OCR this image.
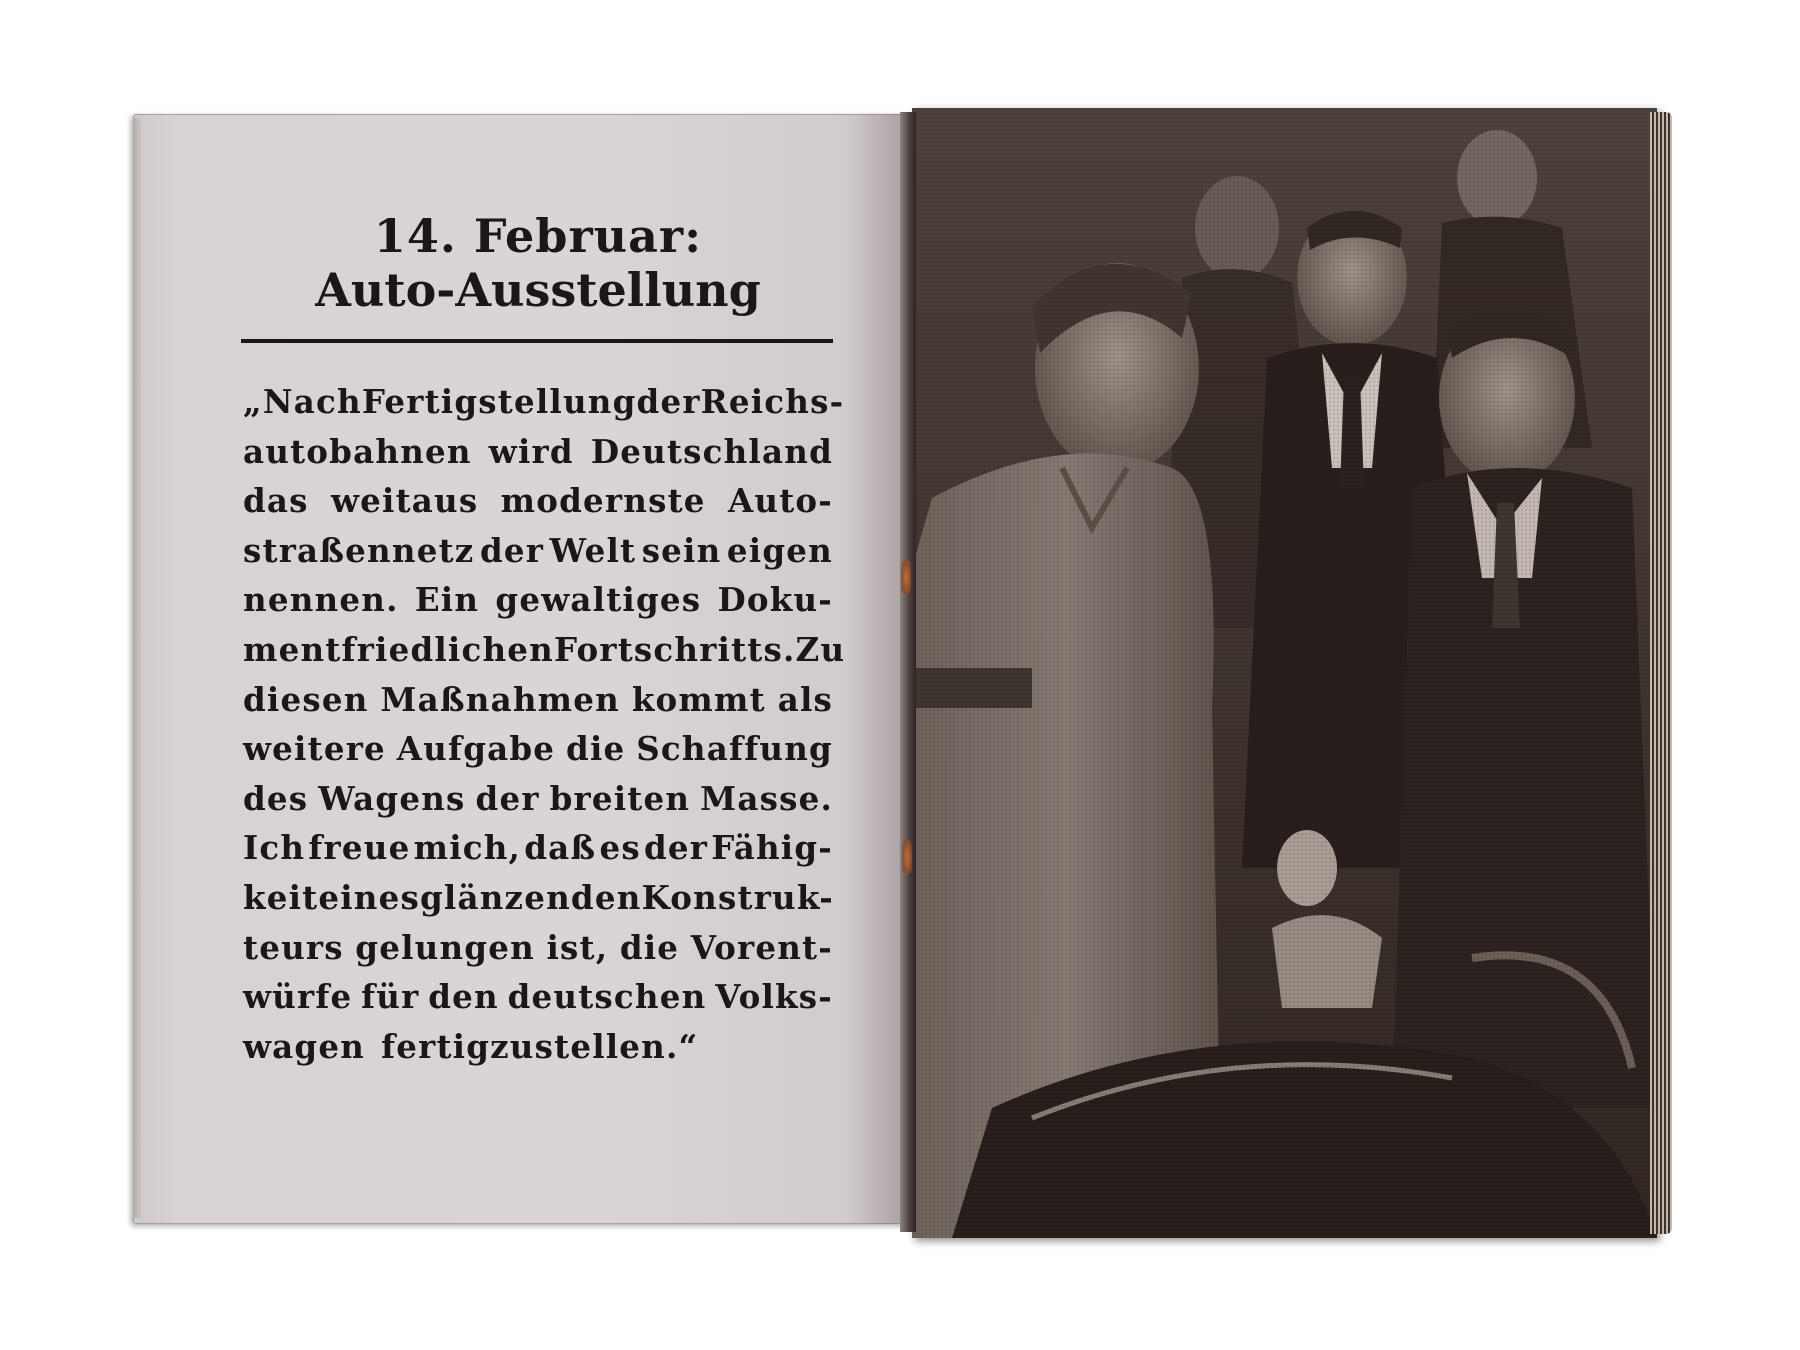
14. Februar:
Auto-Ausstellung
„Nach Fertigstellung der Reichs-
autobahnen wird Deutschland
das weitaus modernste Auto-
straßennetz der Welt sein eigen
nennen. Ein gewaltiges Doku-
ment friedlichen Fortschritts. Zu
diesen Maßnahmen kommt als
weitere Aufgabe die Schaffung
des Wagens der breiten Masse.
Ich freue mich, daß es der Fähig-
keit eines glänzenden Konstruk-
teurs gelungen ist, die Vorent-
würfe für den deutschen Volks-
wagen fertigzustellen.“
